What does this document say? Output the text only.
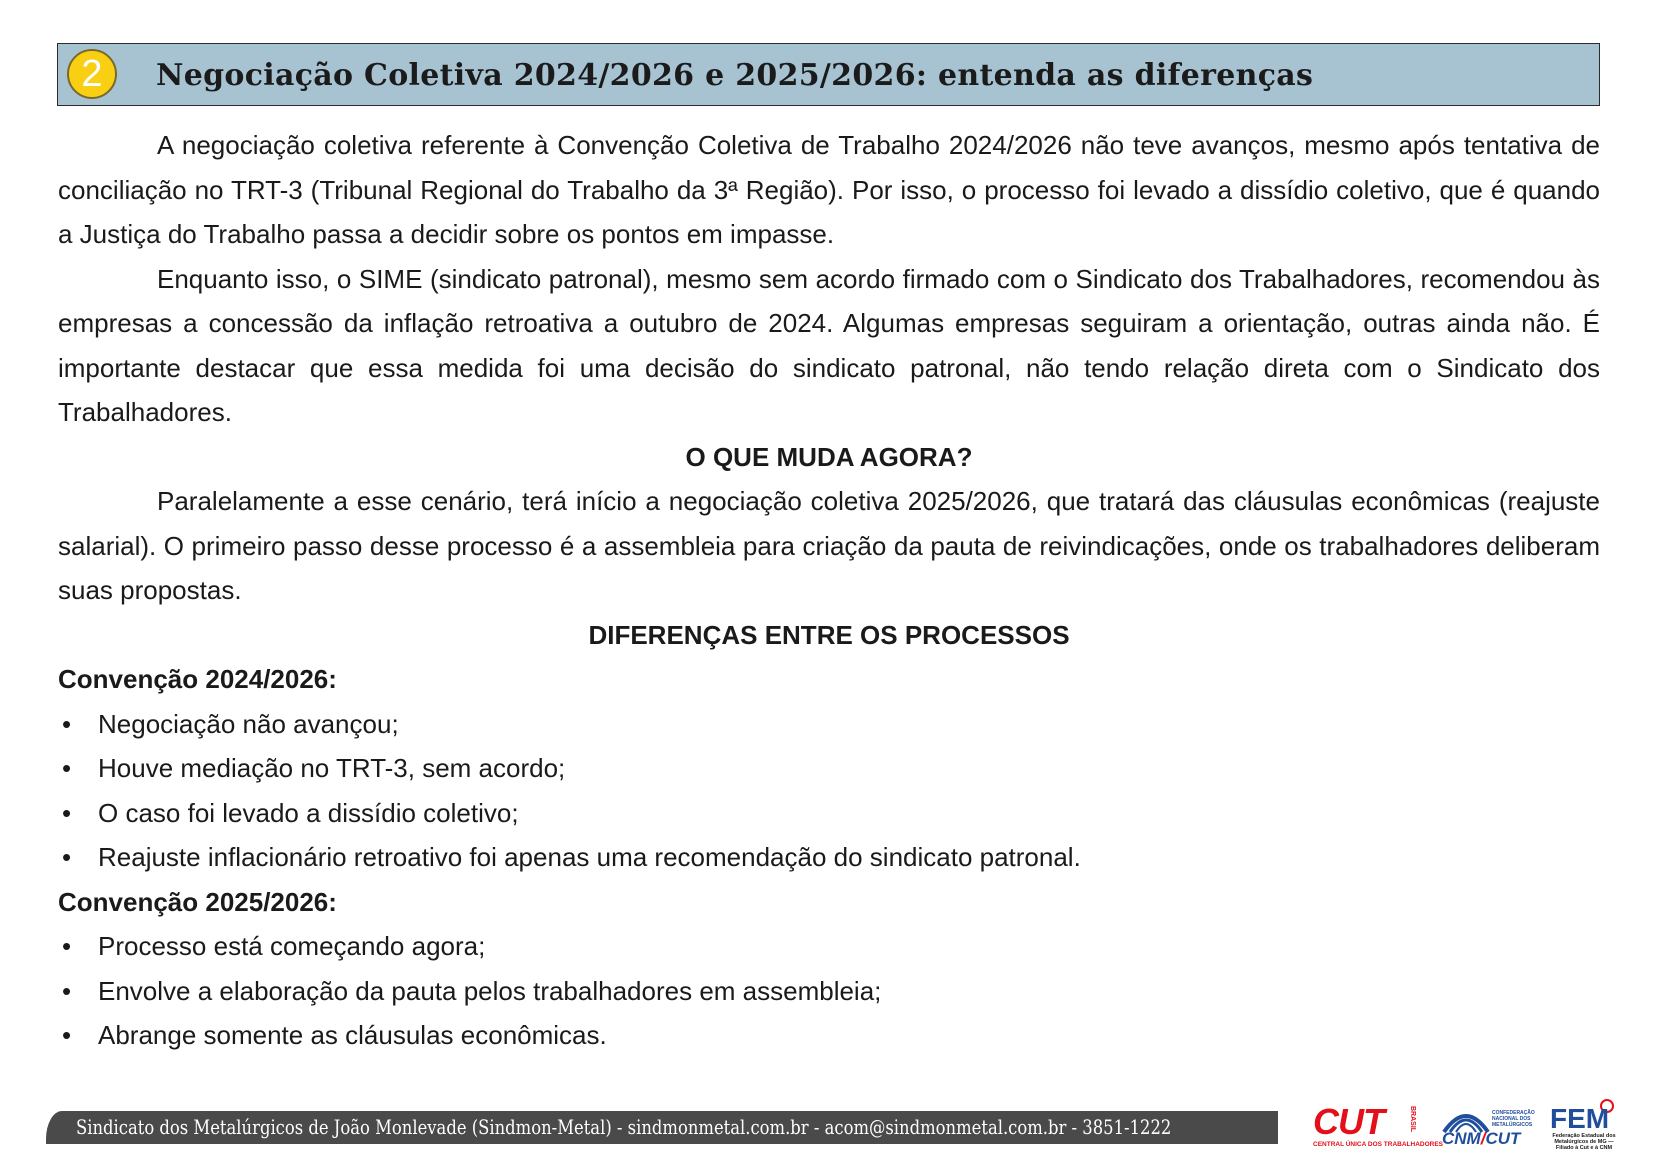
2	Negociação Coletiva 2024/2026 e 2025/2026: entenda as diferenças

A negociação coletiva referente à Convenção Coletiva de Trabalho 2024/2026 não teve avanços, mesmo após tentativa de conciliação no TRT-3 (Tribunal Regional do Trabalho da 3ª Região). Por isso, o processo foi levado a dissídio coletivo, que é quando a Justiça do Trabalho passa a decidir sobre os pontos em impasse.

Enquanto isso, o SIME (sindicato patronal), mesmo sem acordo firmado com o Sindicato dos Trabalhadores, recomendou às empresas a concessão da inflação retroativa a outubro de 2024. Algumas empresas seguiram a orientação, outras ainda não. É importante destacar que essa medida foi uma decisão do sindicato patronal, não tendo relação direta com o Sindicato dos Trabalhadores.

O QUE MUDA AGORA?

Paralelamente a esse cenário, terá início a negociação coletiva 2025/2026, que tratará das cláusulas econômicas (reajuste salarial). O primeiro passo desse processo é a assembleia para criação da pauta de reivindicações, onde os trabalhadores deliberam suas propostas.

DIFERENÇAS ENTRE OS PROCESSOS

Convenção 2024/2026:
• Negociação não avançou;
• Houve mediação no TRT-3, sem acordo;
• O caso foi levado a dissídio coletivo;
• Reajuste inflacionário retroativo foi apenas uma recomendação do sindicato patronal.
Convenção 2025/2026:
• Processo está começando agora;
• Envolve a elaboração da pauta pelos trabalhadores em assembleia;
• Abrange somente as cláusulas econômicas.
Sindicato dos Metalúrgicos de João Monlevade (Sindmon-Metal) - sindmonmetal.com.br - acom@sindmonmetal.com.br - 3851-1222	CUT	BRASIL
CENTRAL ÚNICA DOS TRABALHADORES
CONFEDERAÇÃO NACIONAL DOS METALÚRGICOS
CNM/CUT
FEM
Federação Estadual dos Metalúrgicos de MG — Filiado à Cut e à CNM
